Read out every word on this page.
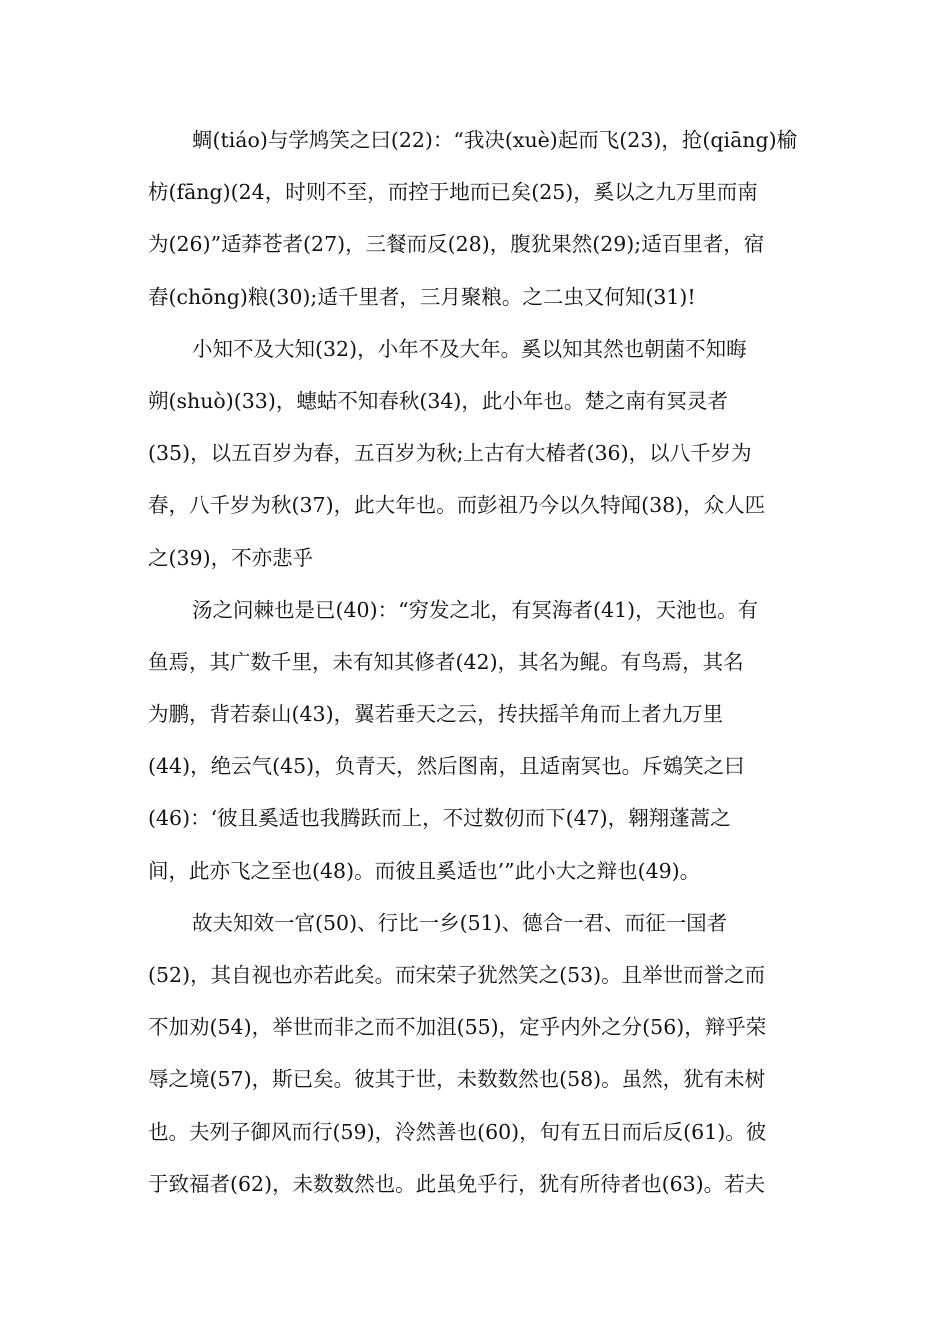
蜩(tiáo)与学鸠笑之曰(22)：“我决(xuè)起而飞(23)，抢(qiāng)榆
枋(fāng)(24，时则不至，而控于地而已矣(25)，奚以之九万里而南
为(26)”适莽苍者(27)，三餐而反(28)，腹犹果然(29);适百里者，宿
舂(chōng)粮(30);适千里者，三月聚粮。之二虫又何知(31)!
小知不及大知(32)，小年不及大年。奚以知其然也朝菌不知晦
朔(shuò)(33)，蟪蛄不知春秋(34)，此小年也。楚之南有冥灵者
(35)，以五百岁为春，五百岁为秋;上古有大椿者(36)，以八千岁为
春，八千岁为秋(37)，此大年也。而彭祖乃今以久特闻(38)，众人匹
之(39)，不亦悲乎
汤之问棘也是已(40)：“穷发之北，有冥海者(41)，天池也。有
鱼焉，其广数千里，未有知其修者(42)，其名为鲲。有鸟焉，其名
为鹏，背若泰山(43)，翼若垂天之云，抟扶摇羊角而上者九万里
(44)，绝云气(45)，负青天，然后图南，且适南冥也。斥鴳笑之曰
(46)：‘彼且奚适也我腾跃而上，不过数仞而下(47)，翱翔蓬蒿之
间，此亦飞之至也(48)。而彼且奚适也’”此小大之辩也(49)。
故夫知效一官(50)、行比一乡(51)、德合一君、而征一国者
(52)，其自视也亦若此矣。而宋荣子犹然笑之(53)。且举世而誉之而
不加劝(54)，举世而非之而不加沮(55)，定乎内外之分(56)，辩乎荣
辱之境(57)，斯已矣。彼其于世，未数数然也(58)。虽然，犹有未树
也。夫列子御风而行(59)，泠然善也(60)，旬有五日而后反(61)。彼
于致福者(62)，未数数然也。此虽免乎行，犹有所待者也(63)。若夫
